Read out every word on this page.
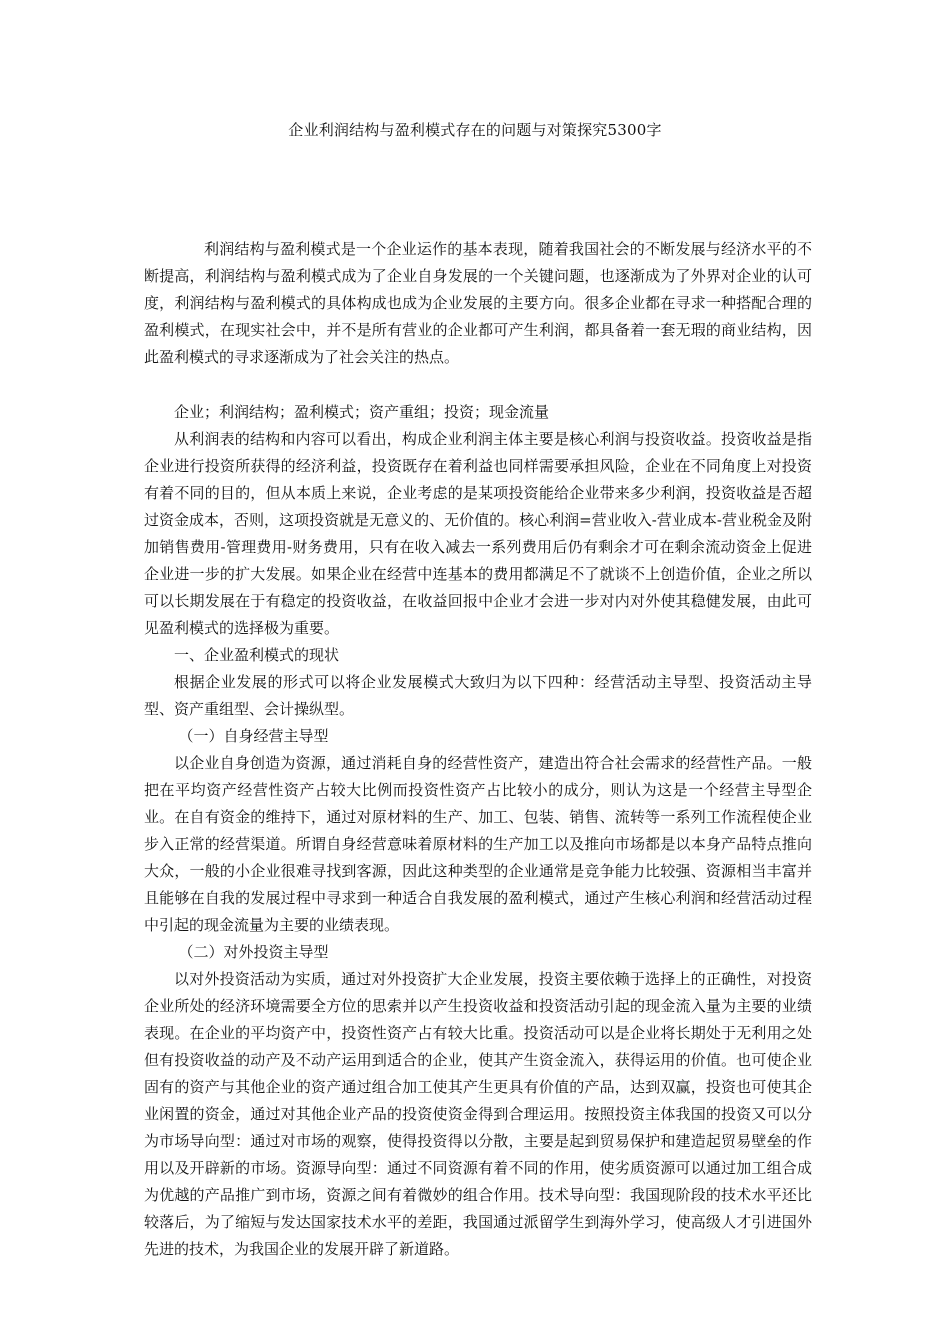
企业利润结构与盈利模式存在的问题与对策探究5300字

利润结构与盈利模式是一个企业运作的基本表现，随着我国社会的不断发展与经济水平的不断提高，利润结构与盈利模式成为了企业自身发展的一个关键问题，也逐渐成为了外界对企业的认可度，利润结构与盈利模式的具体构成也成为企业发展的主要方向。很多企业都在寻求一种搭配合理的盈利模式，在现实社会中，并不是所有营业的企业都可产生利润，都具备着一套无瑕的商业结构，因此盈利模式的寻求逐渐成为了社会关注的热点。

企业；利润结构；盈利模式；资产重组；投资；现金流量

从利润表的结构和内容可以看出，构成企业利润主体主要是核心利润与投资收益。投资收益是指企业进行投资所获得的经济利益，投资既存在着利益也同样需要承担风险，企业在不同角度上对投资有着不同的目的，但从本质上来说，企业考虑的是某项投资能给企业带来多少利润，投资收益是否超过资金成本，否则，这项投资就是无意义的、无价值的。核心利润=营业收入-营业成本-营业税金及附加销售费用-管理费用-财务费用，只有在收入减去一系列费用后仍有剩余才可在剩余流动资金上促进企业进一步的扩大发展。如果企业在经营中连基本的费用都满足不了就谈不上创造价值，企业之所以可以长期发展在于有稳定的投资收益，在收益回报中企业才会进一步对内对外使其稳健发展，由此可见盈利模式的选择极为重要。

一、企业盈利模式的现状

根据企业发展的形式可以将企业发展模式大致归为以下四种：经营活动主导型、投资活动主导型、资产重组型、会计操纵型。

（一）自身经营主导型

以企业自身创造为资源，通过消耗自身的经营性资产，建造出符合社会需求的经营性产品。一般把在平均资产经营性资产占较大比例而投资性资产占比较小的成分，则认为这是一个经营主导型企业。在自有资金的维持下，通过对原材料的生产、加工、包装、销售、流转等一系列工作流程使企业步入正常的经营渠道。所谓自身经营意味着原材料的生产加工以及推向市场都是以本身产品特点推向大众，一般的小企业很难寻找到客源，因此这种类型的企业通常是竞争能力比较强、资源相当丰富并且能够在自我的发展过程中寻求到一种适合自我发展的盈利模式，通过产生核心利润和经营活动过程中引起的现金流量为主要的业绩表现。

（二）对外投资主导型

以对外投资活动为实质，通过对外投资扩大企业发展，投资主要依赖于选择上的正确性，对投资企业所处的经济环境需要全方位的思索并以产生投资收益和投资活动引起的现金流入量为主要的业绩表现。在企业的平均资产中，投资性资产占有较大比重。投资活动可以是企业将长期处于无利用之处但有投资收益的动产及不动产运用到适合的企业，使其产生资金流入，获得运用的价值。也可使企业固有的资产与其他企业的资产通过组合加工使其产生更具有价值的产品，达到双赢，投资也可使其企业闲置的资金，通过对其他企业产品的投资使资金得到合理运用。按照投资主体我国的投资又可以分为市场导向型：通过对市场的观察，使得投资得以分散，主要是起到贸易保护和建造起贸易壁垒的作用以及开辟新的市场。资源导向型：通过不同资源有着不同的作用，使劣质资源可以通过加工组合成为优越的产品推广到市场，资源之间有着微妙的组合作用。技术导向型：我国现阶段的技术水平还比较落后，为了缩短与发达国家技术水平的差距，我国通过派留学生到海外学习，使高级人才引进国外先进的技术，为我国企业的发展开辟了新道路。
